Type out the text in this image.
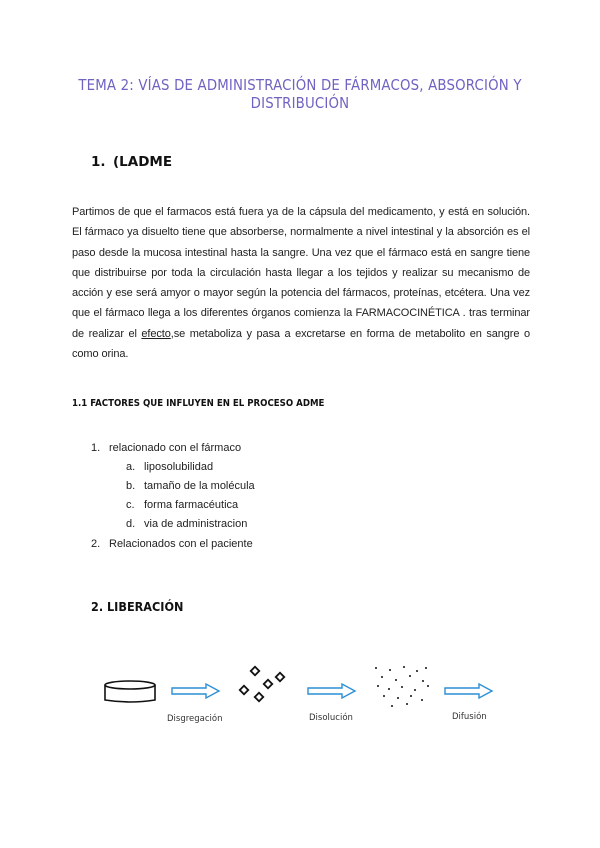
TEMA 2: VÍAS DE ADMINISTRACIÓN DE FÁRMACOS, ABSORCIÓN Y DISTRIBUCIÓN
1. (LADME
Partimos de que el farmacos está fuera ya de la cápsula del medicamento, y está en solución. El fármaco ya disuelto tiene que absorberse, normalmente a nivel intestinal y la absorción es el paso desde la mucosa intestinal hasta la sangre. Una vez que el fármaco está en sangre tiene que distribuirse por toda la circulación hasta llegar a los tejidos y realizar su mecanismo de acción y ese será amyor o mayor según la potencia del fármacos, proteínas, etcétera. Una vez que el fármaco llega a los diferentes órganos comienza la FARMACOCINÉTICA . tras terminar de realizar el efecto,se metaboliza y pasa a excretarse en forma de metabolito en sangre o como orina.
1.1 FACTORES QUE INFLUYEN EN EL PROCESO ADME
1. relacionado con el fármaco
a. liposolubilidad
b. tamaño de la molécula
c. forma farmacéutica
d. via de administracion
2. Relacionados con el paciente
2. LIBERACIÓN
Disgregación	Disolución	Difusión
